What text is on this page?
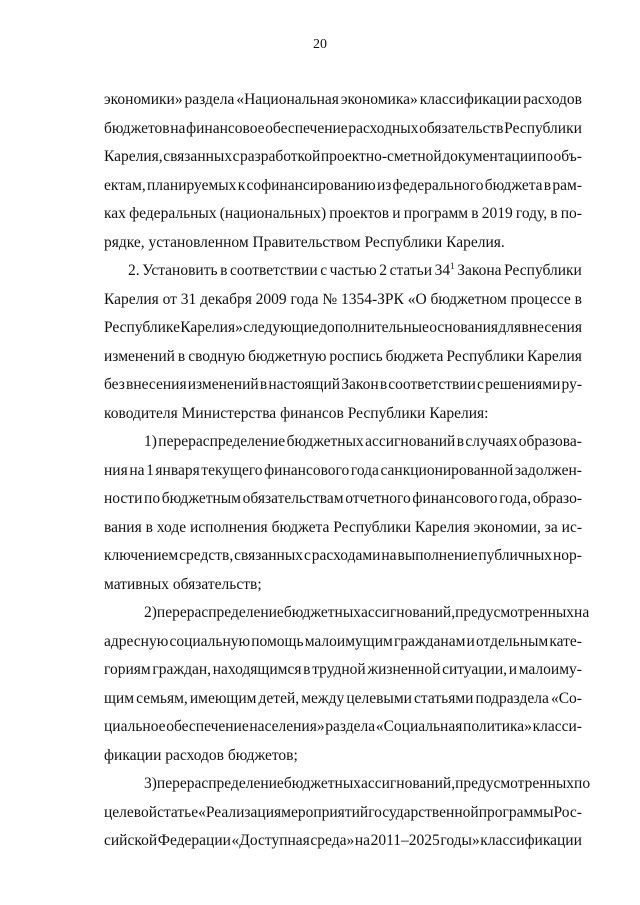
20
экономики» раздела «Национальная экономика» классификации расходов
бюджетов на финансовое обеспечение расходных обязательств Республики
Карелия, связанных с разработкой проектно-сметной документации по объ-
ектам, планируемых к софинансированию из федерального бюджета в рам-
ках федеральных (национальных) проектов и программ в 2019 году, в по-
рядке,
установленном
Правительством
Республики
Карелия.
2. Установить в соответствии с частью 2 статьи $34^1$ Закона Республики
Карелия от 31 декабря 2009 года № 1354-ЗРК «О бюджетном процессе в
Республике Карелия» следующие дополнительные основания для внесения
изменений в сводную бюджетную роспись бюджета Республики Карелия
без внесения изменений в настоящий Закон в соответствии с решениями ру-
ководителя
Министерства
финансов
Республики
Карелия:
1) перераспределение бюджетных ассигнований в случаях образова-
ния на 1 января текущего финансового года санкционированной задолжен-
ности по бюджетным обязательствам отчетного финансового года, образо-
вания в ходе исполнения бюджета Республики Карелия экономии, за ис-
ключением средств, связанных с расходами на выполнение публичных нор-
мативных
обязательств;
2) перераспределение бюджетных ассигнований, предусмотренных на
адресную социальную помощь малоимущим гражданам и отдельным кате-
гориям граждан, находящимся в трудной жизненной ситуации, и малоиму-
щим семьям, имеющим детей, между целевыми статьями подраздела «Со-
циальное обеспечение населения» раздела «Социальная политика» класси-
фикации
расходов
бюджетов;
3) перераспределение бюджетных ассигнований, предусмотренных по
целевой статье «Реализация мероприятий государственной программы Рос-
сийской Федерации «Доступная среда» на 2011–2025 годы» классификации
